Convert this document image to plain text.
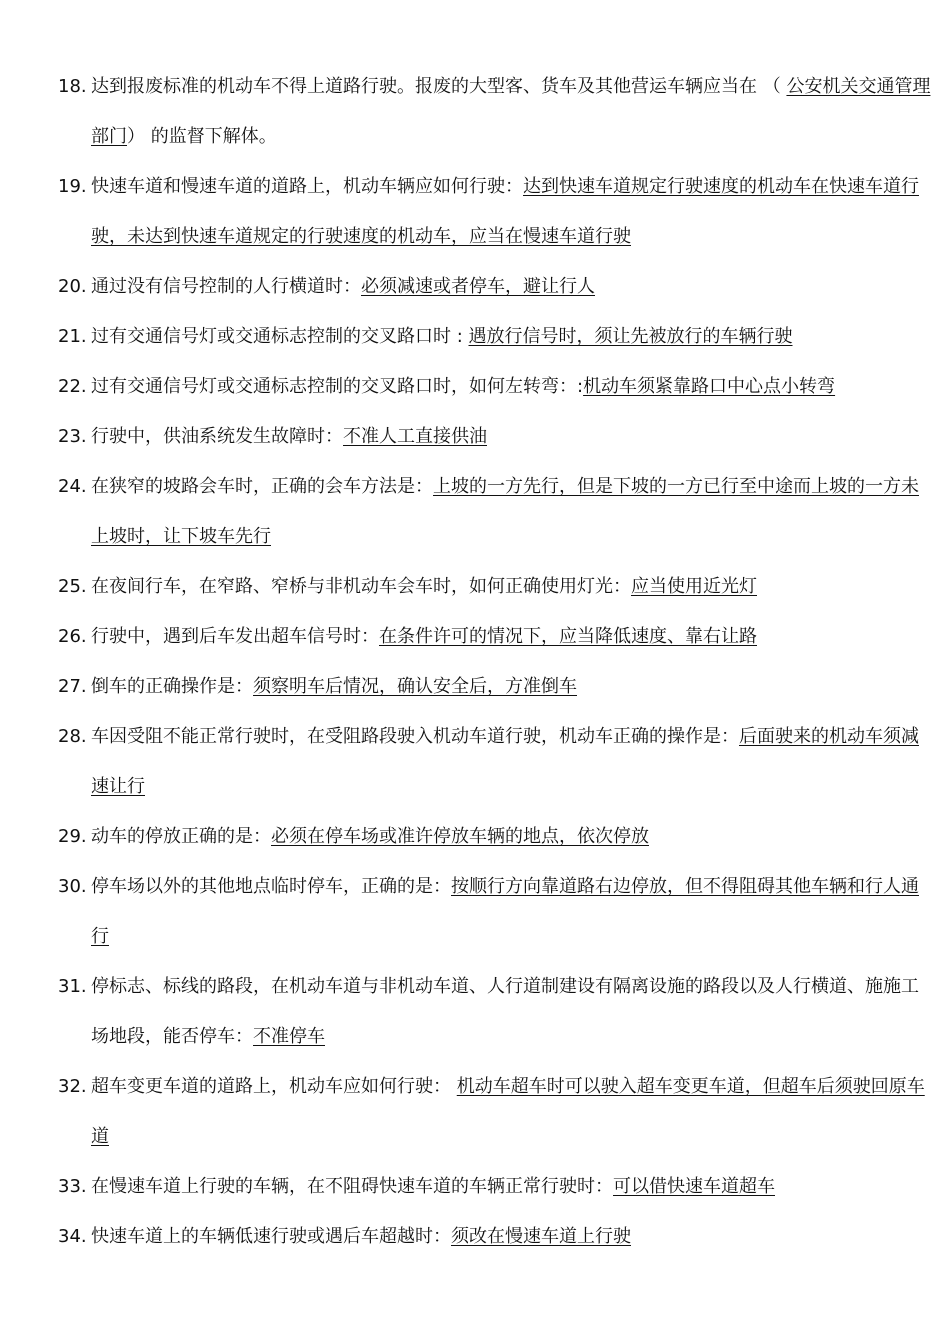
18. 达到报废标准的机动车不得上道路行驶。报废的大型客、货车及其他营运车辆应当在 （ 公安机关交通管理部门） 的监督下解体。
19. 快速车道和慢速车道的道路上，机动车辆应如何行驶：达到快速车道规定行驶速度的机动车在快速车道行驶，未达到快速车道规定的行驶速度的机动车，应当在慢速车道行驶
20. 通过没有信号控制的人行横道时：必须减速或者停车，避让行人
21. 过有交通信号灯或交通标志控制的交叉路口时 : 遇放行信号时，须让先被放行的车辆行驶
22. 过有交通信号灯或交通标志控制的交叉路口时，如何左转弯：:机动车须紧靠路口中心点小转弯
23. 行驶中，供油系统发生故障时：不准人工直接供油
24. 在狭窄的坡路会车时，正确的会车方法是：上坡的一方先行，但是下坡的一方已行至中途而上坡的一方未上坡时，让下坡车先行
25. 在夜间行车，在窄路、窄桥与非机动车会车时，如何正确使用灯光：应当使用近光灯
26. 行驶中，遇到后车发出超车信号时：在条件许可的情况下，应当降低速度、靠右让路
27. 倒车的正确操作是：须察明车后情况，确认安全后，方准倒车
28. 车因受阻不能正常行驶时，在受阻路段驶入机动车道行驶，机动车正确的操作是：后面驶来的机动车须减速让行
29. 动车的停放正确的是：必须在停车场或准许停放车辆的地点，依次停放
30. 停车场以外的其他地点临时停车，正确的是：按顺行方向靠道路右边停放，但不得阻碍其他车辆和行人通行
31. 停标志、标线的路段，在机动车道与非机动车道、人行道制建设有隔离设施的路段以及人行横道、施施工场地段，能否停车：不准停车
32. 超车变更车道的道路上，机动车应如何行驶： 机动车超车时可以驶入超车变更车道，但超车后须驶回原车道
33. 在慢速车道上行驶的车辆，在不阻碍快速车道的车辆正常行驶时：可以借快速车道超车
34. 快速车道上的车辆低速行驶或遇后车超越时：须改在慢速车道上行驶
